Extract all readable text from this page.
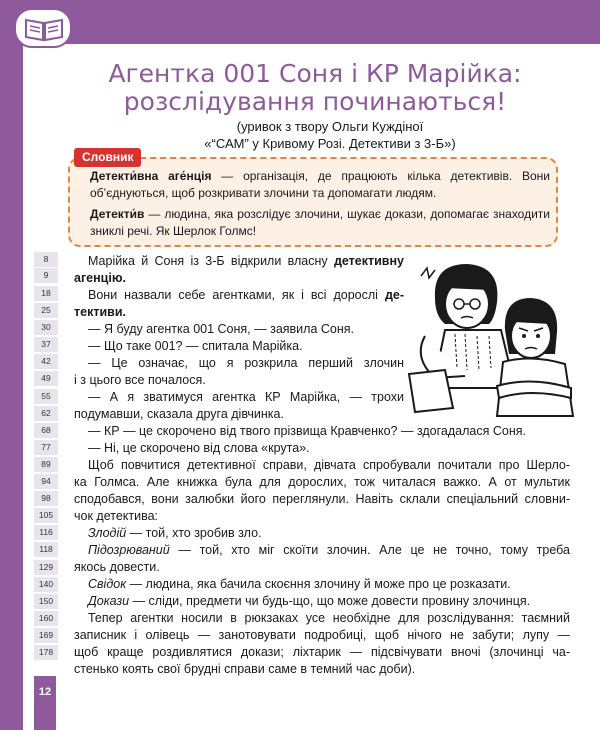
12
Агентка 001 Соня і КР Марійка:
розслідування починаються!
(уривок з твору Ольги Куждіної
«“САМ” у Кривому Розі. Детективи з 3-Б»)
Словник
Детекти́вна аге́нція — організація, де працюють кілька детективів. Вони об’єднуються, щоб розкривати злочини та допомагати людям.
Детекти́в — людина, яка розслідує злочини, шукає докази, допомагає знаходити зниклі речі. Як Шерлок Голмс!
8
9
18
25
30
37
42
49
55
62
68
77
89
94
98
105
116
118
129
140
150
160
169
178
Марійка й Соня із 3-Б відкрили власну детективну
агенцію.
Вони назвали себе агентками, як і всі дорослі де-
тективи.
— Я буду агентка 001 Соня, — заявила Соня.
— Що таке 001? — спитала Марійка.
— Це означає, що я розкрила перший злочин
і з цього все почалося.
— А я зватимуся агентка КР Марійка, — трохи
подумавши, сказала друга дівчинка.
— КР — це скорочено від твого прізвища Кравченко? — здогадалася Соня.
— Ні, це скорочено від слова «крута».
Щоб повчитися детективної справи, дівчата спробували почитали про Шерло-
ка Голмса. Але книжка була для дорослих, тож читалася важко. А от мультик
сподобався, вони залюбки його переглянули. Навіть склали спеціальний словни-
чок детектива:
Злодій — той, хто зробив зло.
Підозрюваний — той, хто міг скоїти злочин. Але це не точно, тому треба
якось довести.
Свідок — людина, яка бачила скоєння злочину й може про це розказати.
Докази — сліди, предмети чи будь-що, що може довести провину злочинця.
Тепер агентки носили в рюкзаках усе необхідне для розслідування: таємний
записник і олівець — занотовувати подробиці, щоб нічого не забути; лупу —
щоб краще роздивлятися докази; ліхтарик — підсвічувати вночі (злочинці ча-
стенько коять свої брудні справи саме в темний час доби).
